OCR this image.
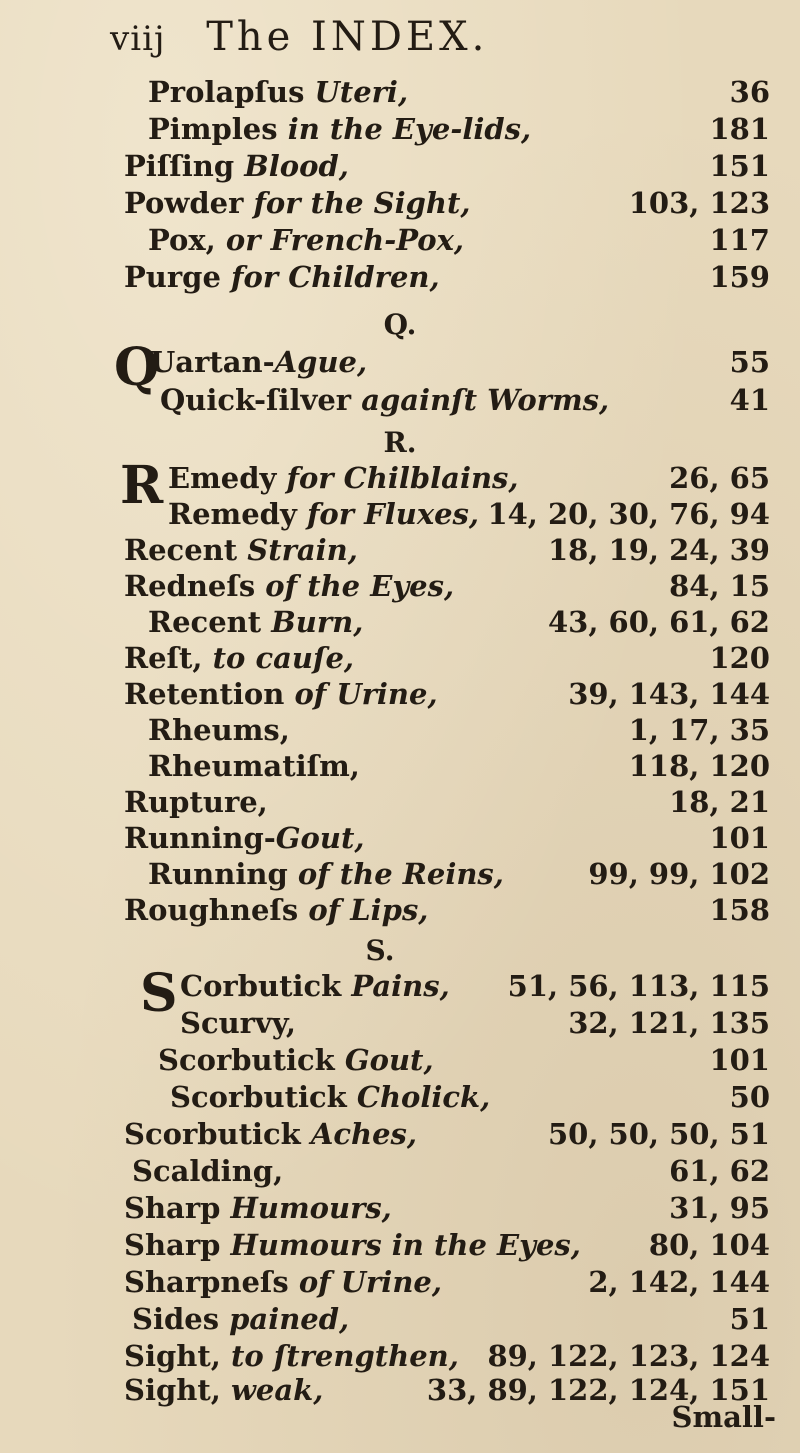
viij The INDEX.
Prolapſus Uteri,	36
Pimples in the Eye-lids,	181
Piſſing Blood,	151
Powder for the Sight,	103, 123
Pox, or French-Pox,	117
Purge for Children,	159
Q.
Q
Uartan-Ague,	55
Quick-ſilver againſt Worms,	41
R.
R Emedy for Chilblains,	26, 65
Remedy for Fluxes, 14, 20, 30, 76, 94
Recent Strain,	18, 19, 24, 39
Redneſs of the Eyes,	84, 15
Recent Burn,	43, 60, 61, 62
Reſt, to cauſe,	120
Retention of Urine,	39, 143, 144
Rheums,	1, 17, 35
Rheumatiſm,	118, 120
Rupture,	18, 21
Running-Gout,	101
Running of the Reins,	99, 99, 102
Roughneſs of Lips,	158
S.
S Corbutick Pains, 51, 56, 113, 115
Scurvy,	32, 121, 135
Scorbutick Gout,	101
Scorbutick Cholick,	50
Scorbutick Aches,	50, 50, 50, 51
Scalding,	61, 62
Sharp Humours,	31, 95
Sharp Humours in the Eyes, 80, 104
Sharpneſs of Urine,	2, 142, 144
Sides pained,	51
Sight, to ſtrengthen, 89, 122, 123, 124
Sight, weak,	33, 89, 122, 124, 151
Small-
